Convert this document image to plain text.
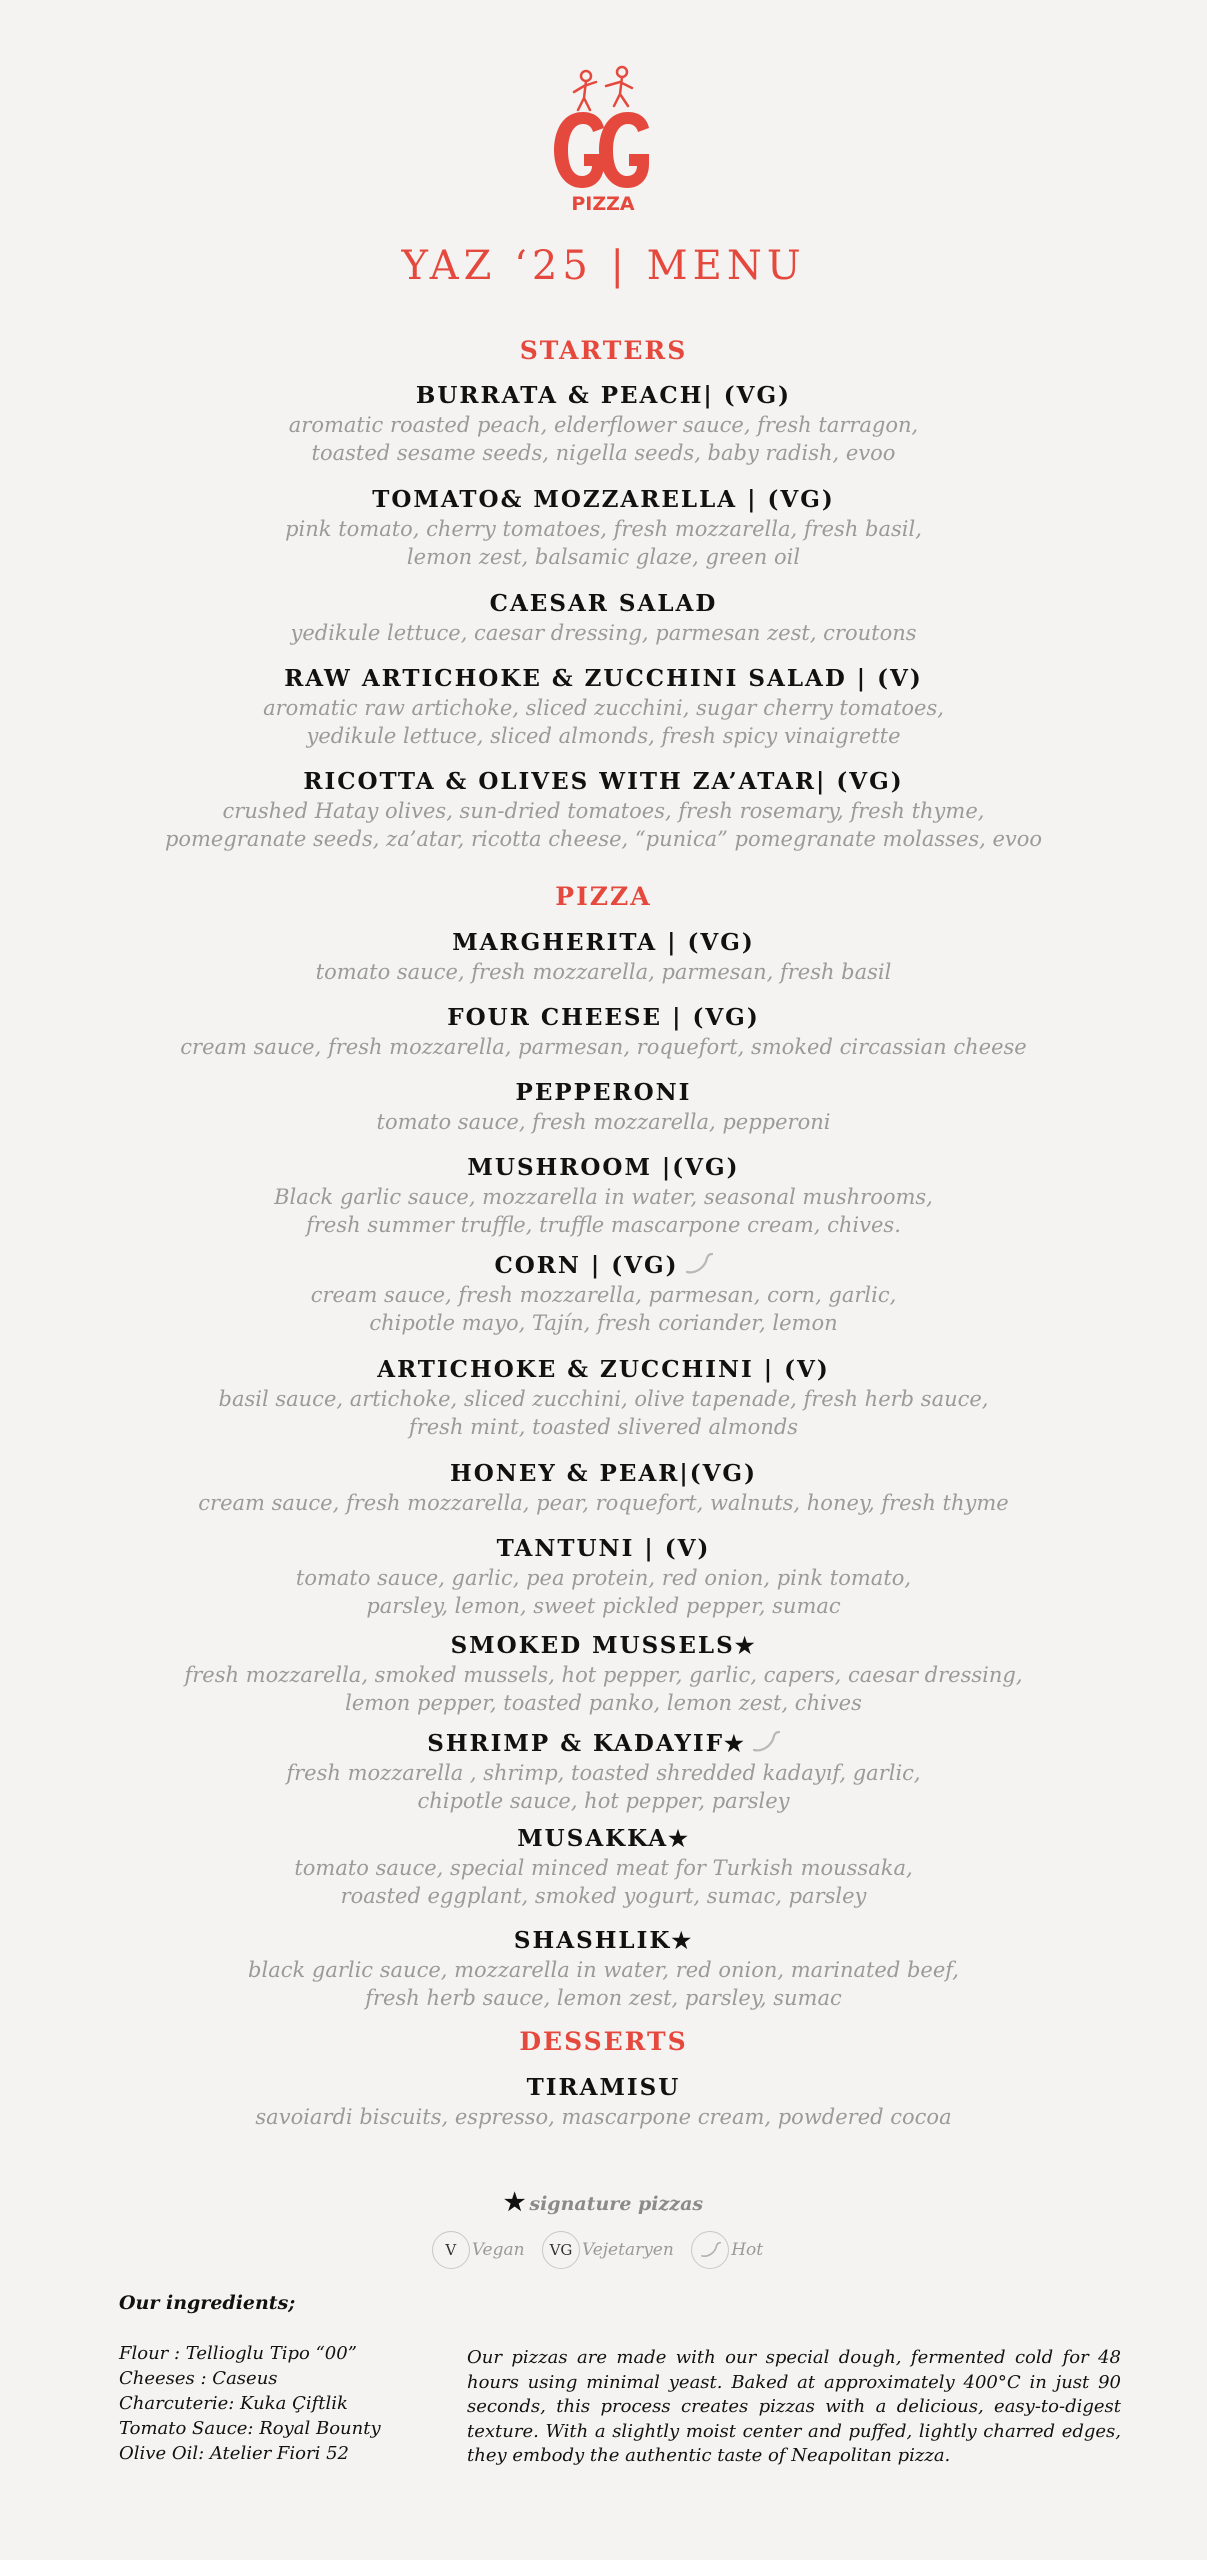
PIZZA
YAZ ‘25 | MENU
STARTERS
BURRATA & PEACH| (VG)
aromatic roasted peach, elderflower sauce, fresh tarragon,
toasted sesame seeds, nigella seeds, baby radish, evoo
TOMATO& MOZZARELLA | (VG)
pink tomato, cherry tomatoes, fresh mozzarella, fresh basil,
lemon zest, balsamic glaze, green oil
CAESAR SALAD
yedikule lettuce, caesar dressing, parmesan zest, croutons
RAW ARTICHOKE & ZUCCHINI SALAD | (V)
aromatic raw artichoke, sliced zucchini, sugar cherry tomatoes,
yedikule lettuce, sliced almonds, fresh spicy vinaigrette
RICOTTA & OLIVES WITH ZA’ATAR| (VG)
crushed Hatay olives, sun-dried tomatoes, fresh rosemary, fresh thyme,
pomegranate seeds, za’atar, ricotta cheese, “punica” pomegranate molasses, evoo
PIZZA
MARGHERITA | (VG)
tomato sauce, fresh mozzarella, parmesan, fresh basil
FOUR CHEESE | (VG)
cream sauce, fresh mozzarella, parmesan, roquefort, smoked circassian cheese
PEPPERONI
tomato sauce, fresh mozzarella, pepperoni
MUSHROOM |(VG)
Black garlic sauce, mozzarella in water, seasonal mushrooms,
fresh summer truffle, truffle mascarpone cream, chives.
CORN | (VG)
cream sauce, fresh mozzarella, parmesan, corn, garlic,
chipotle mayo, Tajín, fresh coriander, lemon
ARTICHOKE & ZUCCHINI | (V)
basil sauce, artichoke, sliced zucchini, olive tapenade, fresh herb sauce,
fresh mint, toasted slivered almonds
HONEY & PEAR|(VG)
cream sauce, fresh mozzarella, pear, roquefort, walnuts, honey, fresh thyme
TANTUNI | (V)
tomato sauce, garlic, pea protein, red onion, pink tomato,
parsley, lemon, sweet pickled pepper, sumac
SMOKED MUSSELS★
fresh mozzarella, smoked mussels, hot pepper, garlic, capers, caesar dressing,
lemon pepper, toasted panko, lemon zest, chives
SHRIMP & KADAYIF★
fresh mozzarella , shrimp, toasted shredded kadayıf, garlic,
chipotle sauce, hot pepper, parsley
MUSAKKA★
tomato sauce, special minced meat for Turkish moussaka,
roasted eggplant, smoked yogurt, sumac, parsley
SHASHLIK★
black garlic sauce, mozzarella in water, red onion, marinated beef,
fresh herb sauce, lemon zest, parsley, sumac
DESSERTS
TIRAMISU
savoiardi biscuits, espresso, mascarpone cream, powdered cocoa
★ signature pizzas
V Vegan VG Vejetaryen	Hot
Our ingredients;
Flour : Tellioglu Tipo “00”
Cheeses : Caseus
Charcuterie: Kuka Çiftlik
Tomato Sauce: Royal Bounty
Olive Oil: Atelier Fiori 52
Our pizzas are made with our special dough, fermented cold for 48 hours using minimal yeast. Baked at approximately 400°C in just 90 seconds, this process creates pizzas with a delicious, easy-to-digest texture. With a slightly moist center and puffed, lightly charred edges, they embody the authentic taste of Neapolitan pizza.
